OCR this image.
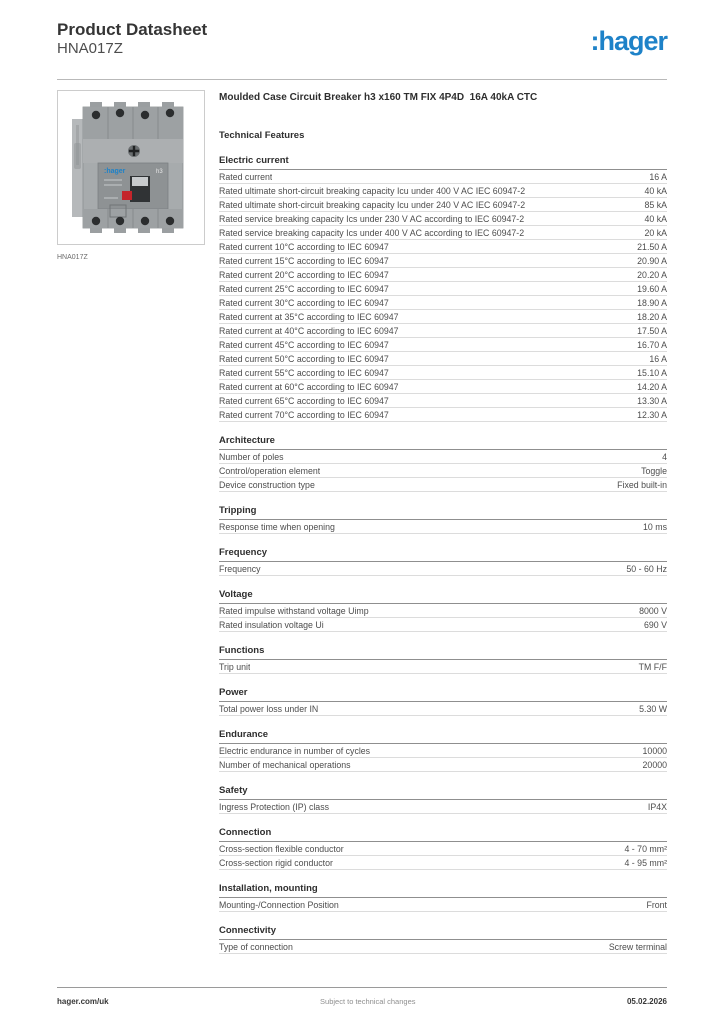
Product Datasheet
HNA017Z	:hager
:hager	h3
HNA017Z
Moulded Case Circuit Breaker h3 x160 TM FIX 4P4D  16A 40kA CTC
Technical Features
Electric current
Rated current	16 A
Rated ultimate short-circuit breaking capacity Icu under 400 V AC IEC 60947-2	40 kA
Rated ultimate short-circuit breaking capacity Icu under 240 V AC IEC 60947-2	85 kA
Rated service breaking capacity Ics under 230 V AC according to IEC 60947-2	40 kA
Rated service breaking capacity Ics under 400 V AC according to IEC 60947-2	20 kA
Rated current 10°C according to IEC 60947	21.50 A
Rated current 15°C according to IEC 60947	20.90 A
Rated current 20°C according to IEC 60947	20.20 A
Rated current 25°C according to IEC 60947	19.60 A
Rated current 30°C according to IEC 60947	18.90 A
Rated current at 35°C according to IEC 60947	18.20 A
Rated current at 40°C according to IEC 60947	17.50 A
Rated current 45°C according to IEC 60947	16.70 A
Rated current 50°C according to IEC 60947	16 A
Rated current 55°C according to IEC 60947	15.10 A
Rated current at 60°C according to IEC 60947	14.20 A
Rated current 65°C according to IEC 60947	13.30 A
Rated current 70°C according to IEC 60947	12.30 A
Architecture
Number of poles	4
Control/operation element	Toggle
Device construction type	Fixed built-in
Tripping
Response time when opening	10 ms
Frequency
Frequency	50 - 60 Hz
Voltage
Rated impulse withstand voltage Uimp	8000 V
Rated insulation voltage Ui	690 V
Functions
Trip unit	TM F/F
Power
Total power loss under IN	5.30 W
Endurance
Electric endurance in number of cycles	10000
Number of mechanical operations	20000
Safety
Ingress Protection (IP) class	IP4X
Connection
Cross-section flexible conductor	4 - 70 mm²
Cross-section rigid conductor	4 - 95 mm²
Installation, mounting
Mounting-/Connection Position	Front
Connectivity
Type of connection	Screw terminal
hager.com/uk	Subject to technical changes	05.02.2026
